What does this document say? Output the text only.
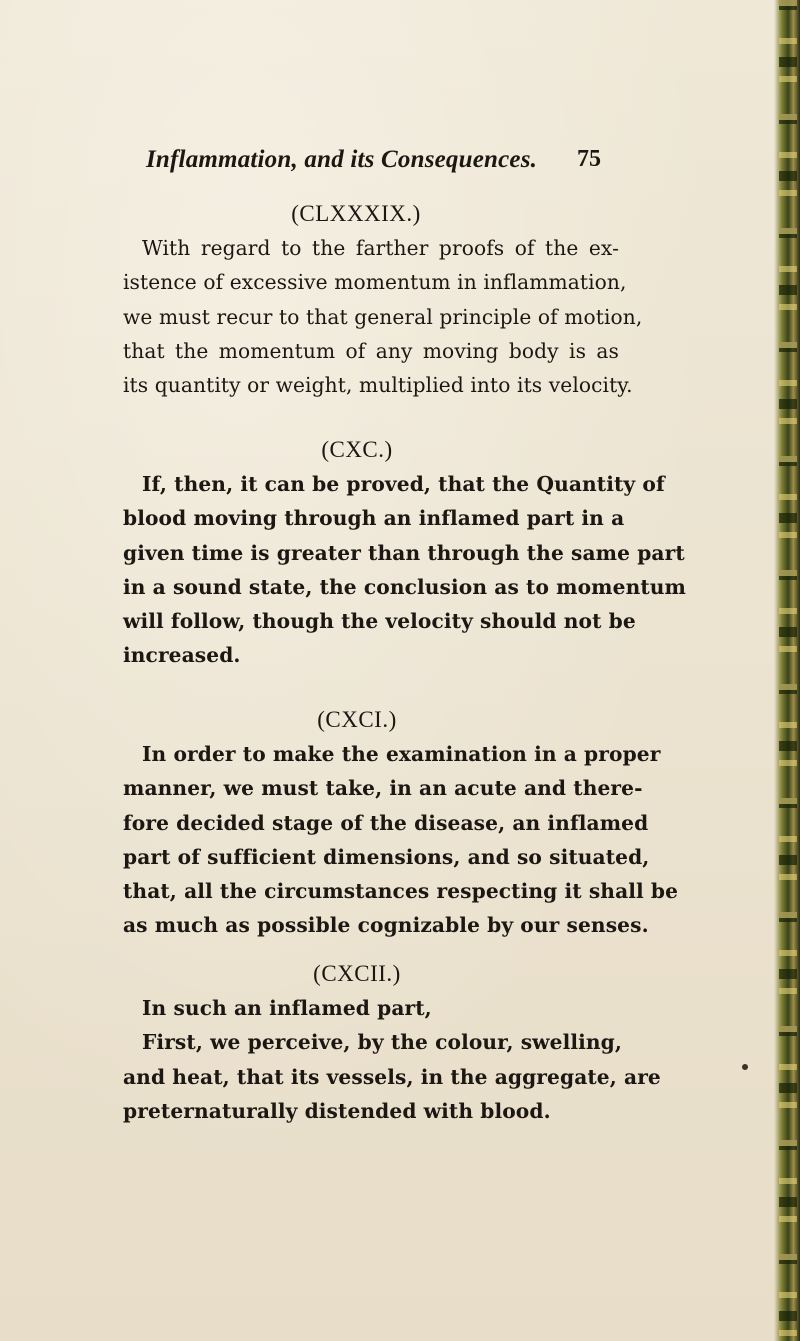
Inflammation, and its Consequences. 75
(CLXXXIX.)
With regard to the farther proofs of the ex-
istence of excessive momentum in inflammation,
we must recur to that general principle of motion,
that the momentum of any moving body is as
its quantity or weight, multiplied into its velocity.
(CXC.)
If, then, it can be proved, that the Quantity of
blood moving through an inflamed part in a
given time is greater than through the same part
in a sound state, the conclusion as to momentum
will follow, though the velocity should not be
increased.
(CXCI.)
In order to make the examination in a proper
manner, we must take, in an acute and there-
fore decided stage of the disease, an inflamed
part of sufficient dimensions, and so situated,
that, all the circumstances respecting it shall be
as much as possible cognizable by our senses.
(CXCII.)
In such an inflamed part,
First, we perceive, by the colour, swelling,
and heat, that its vessels, in the aggregate, are
preternaturally distended with blood.
